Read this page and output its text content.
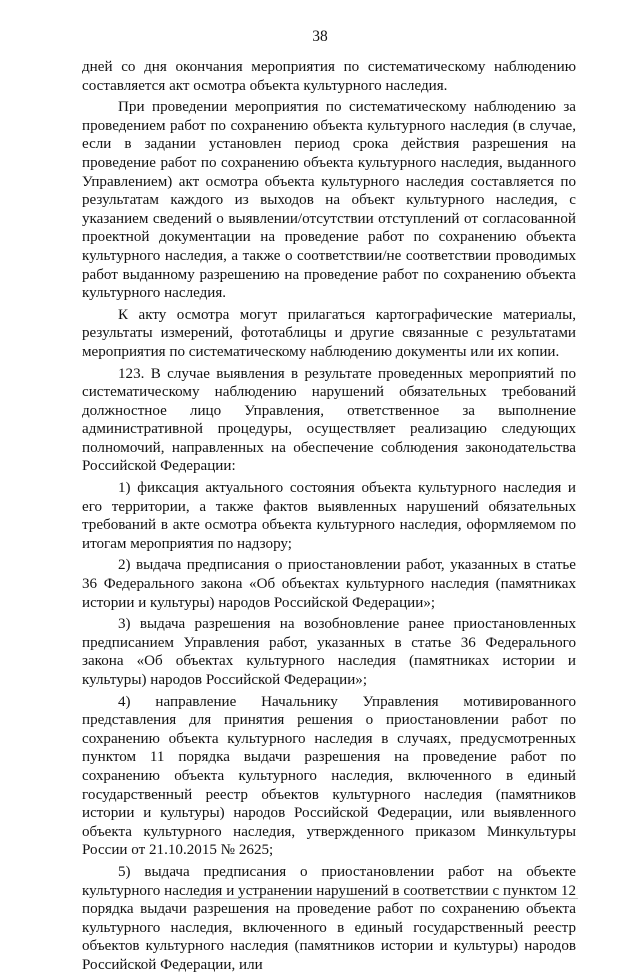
38

дней со дня окончания мероприятия по систематическому наблюдению составляется акт осмотра объекта культурного наследия.

При проведении мероприятия по систематическому наблюдению за проведением работ по сохранению объекта культурного наследия (в случае, если в задании установлен период срока действия разрешения на проведение работ по сохранению объекта культурного наследия, выданного Управлением) акт осмотра объекта культурного наследия составляется по результатам каждого из выходов на объект культурного наследия, с указанием сведений о выявлении/отсутствии отступлений от согласованной проектной документации на проведение работ по сохранению объекта культурного наследия, а также о соответствии/не соответствии проводимых работ выданному разрешению на проведение работ по сохранению объекта культурного наследия.

К акту осмотра могут прилагаться картографические материалы, результаты измерений, фототаблицы и другие связанные с результатами мероприятия по систематическому наблюдению документы или их копии.

123. В случае выявления в результате проведенных мероприятий по систематическому наблюдению нарушений обязательных требований должностное лицо Управления, ответственное за выполнение административной процедуры, осуществляет реализацию следующих полномочий, направленных на обеспечение соблюдения законодательства Российской Федерации:

1) фиксация актуального состояния объекта культурного наследия и его территории, а также фактов выявленных нарушений обязательных требований в акте осмотра объекта культурного наследия, оформляемом по итогам мероприятия по надзору;

2) выдача предписания о приостановлении работ, указанных в статье 36 Федерального закона «Об объектах культурного наследия (памятниках истории и культуры) народов Российской Федерации»;

3) выдача разрешения на возобновление ранее приостановленных предписанием Управления работ, указанных в статье 36 Федерального закона «Об объектах культурного наследия (памятниках истории и культуры) народов Российской Федерации»;

4) направление Начальнику Управления мотивированного представления для принятия решения о приостановлении работ по сохранению объекта культурного наследия в случаях, предусмотренных пунктом 11 порядка выдачи разрешения на проведение работ по сохранению объекта культурного наследия, включенного в единый государственный реестр объектов культурного наследия (памятников истории и культуры) народов Российской Федерации, или выявленного объекта культурного наследия, утвержденного приказом Минкультуры России от 21.10.2015 № 2625;

5) выдача предписания о приостановлении работ на объекте культурного наследия и устранении нарушений в соответствии с пунктом 12 порядка выдачи разрешения на проведение работ по сохранению объекта культурного наследия, включенного в единый государственный реестр объектов культурного наследия (памятников истории и культуры) народов Российской Федерации, или
